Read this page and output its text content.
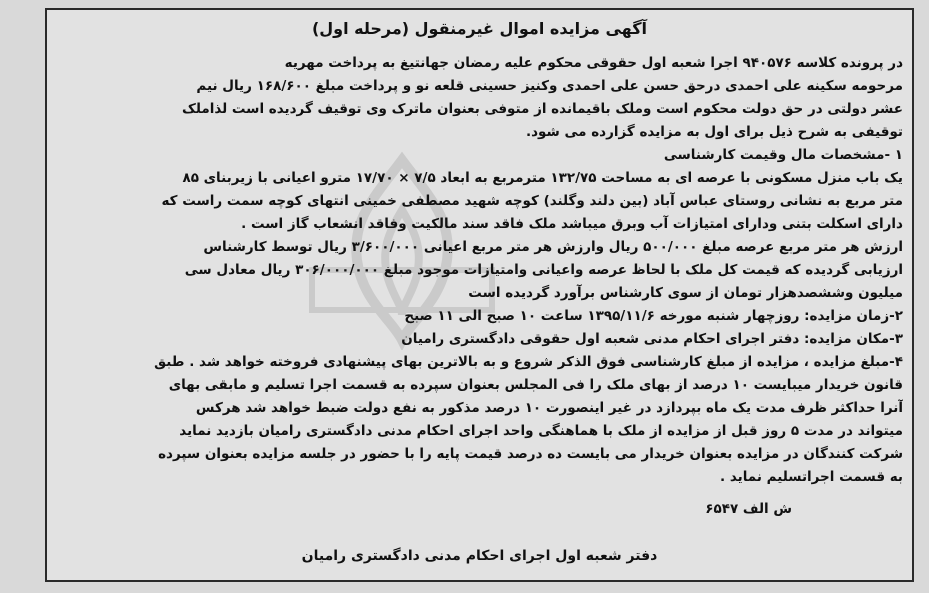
آگهی مزایده اموال غیرمنقول (مرحله اول)
در پرونده کلاسه ۹۴۰۵۷۶ اجرا شعبه اول حقوقی محکوم علیه رمضان جهانتیغ به پرداخت مهریه
مرحومه سکینه علی احمدی درحق حسن علی احمدی وکنیز حسینی قلعه نو و پرداخت مبلغ ۱۶۸/۶۰۰ ریال نیم
عشر دولتی در حق دولت محکوم است وملک باقیمانده از متوفی بعنوان ماترک وی توقیف گردیده است لذاملک
توقیفی به شرح ذیل برای اول به مزایده گزارده می شود.
۱ -مشخصات مال وقیمت کارشناسی
یک باب منزل مسکونی با عرصه ای به مساحت ۱۳۲/۷۵ مترمربع به ابعاد ۷/۵ × ۱۷/۷۰ مترو اعیانی با زیربنای ۸۵
متر مربع به نشانی روستای عباس آباد (بین دلند وگلند) کوچه شهید مصطفی خمینی انتهای کوچه سمت راست که
دارای اسکلت بتنی ودارای امتیازات آب وبرق میباشد ملک فاقد سند مالکیت وفاقد انشعاب گاز است .
ارزش هر متر مربع عرصه مبلغ ۵۰۰/۰۰۰ ریال وارزش هر متر مربع اعیانی ۳/۶۰۰/۰۰۰ ریال توسط کارشناس
ارزیابی گردیده که قیمت کل ملک با لحاظ عرصه واعیانی وامتیازات موجود مبلغ ۳۰۶/۰۰۰/۰۰۰ ریال معادل سی
میلیون وششصدهزار تومان از سوی کارشناس برآورد گردیده است
۲-زمان مزایده: روزچهار شنبه مورخه ۱۳۹۵/۱۱/۶ ساعت ۱۰ صبح الی ۱۱ صبح
۳-مکان مزایده: دفتر اجرای احکام مدنی شعبه اول حقوقی دادگستری رامیان
۴-مبلغ مزایده ، مزایده از مبلغ کارشناسی فوق الذکر شروع و به بالاترین بهای پیشنهادی فروخته خواهد شد . طبق
قانون خریدار میبایست ۱۰ درصد از بهای ملک را فی المجلس بعنوان سپرده به قسمت اجرا تسلیم و مابقی بهای
آنرا حداکثر ظرف مدت یک ماه بپردازد در غیر اینصورت ۱۰ درصد مذکور به نفع دولت ضبط خواهد شد هرکس
میتواند در مدت ۵ روز قبل از مزایده از ملک با هماهنگی واحد اجرای احکام مدنی دادگستری رامیان بازدید نماید
شرکت کنندگان در مزایده بعنوان خریدار می بایست ده درصد قیمت پایه را با حضور در جلسه مزایده بعنوان سپرده
به قسمت اجراتسلیم نماید .
ش الف ۶۵۴۷
دفتر شعبه اول اجرای احکام مدنی دادگستری رامیان
